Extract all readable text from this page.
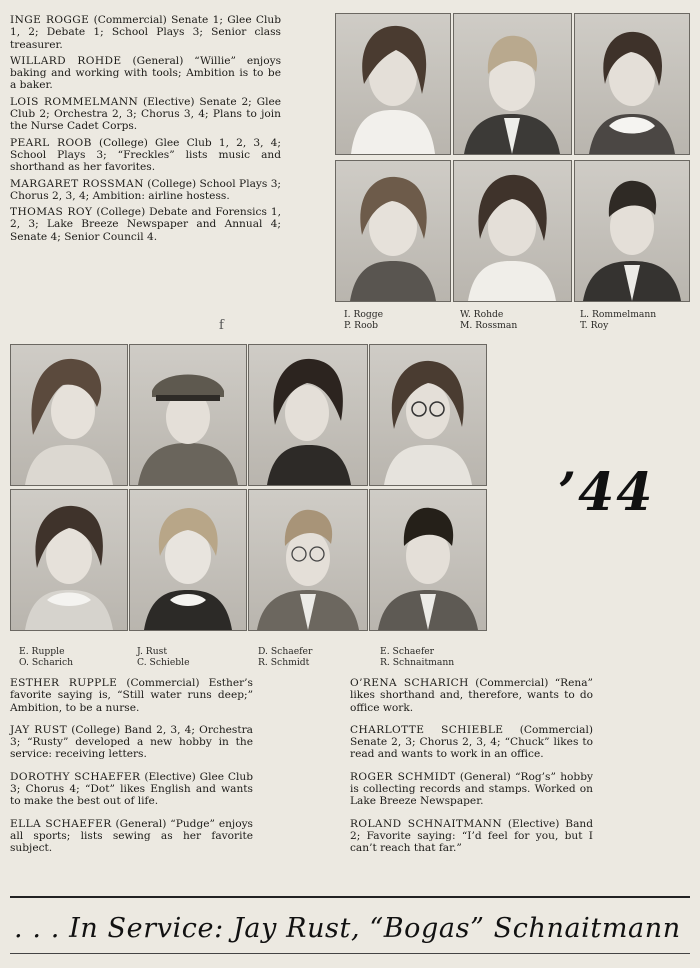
INGE ROGGE (Commercial) Senate 1; Glee Club 1, 2; Debate 1; School Plays 3; Senior class treasurer.

WILLARD ROHDE (General) “Willie” enjoys baking and working with tools; Ambition is to be a baker.

LOIS ROMMELMANN (Elective) Senate 2; Glee Club 2; Orchestra 2, 3; Chorus 3, 4; Plans to join the Nurse Cadet Corps.

PEARL ROOB (College) Glee Club 1, 2, 3, 4; School Plays 3; “Freckles” lists music and shorthand as her favorites.

MARGARET ROSSMAN (College) School Plays 3; Chorus 2, 3, 4; Ambition: airline hostess.

THOMAS ROY (College) Debate and Forensics 1, 2, 3; Lake Breeze Newspaper and Annual 4; Senate 4; Senior Council 4.

I. Rogge
P. Roob
W. Rohde
M. Rossman
L. Rommelmann
T. Roy
f
’44
E. Rupple
O. Scharich
J. Rust
C. Schieble
D. Schaefer
R. Schmidt
E. Schaefer
R. Schnaitmann

ESTHER RUPPLE (Commercial) Esther’s favorite saying is, “Still water runs deep;” Ambition, to be a nurse.

JAY RUST (College) Band 2, 3, 4; Orchestra 3; “Rusty” developed a new hobby in the service: receiving letters.

DOROTHY SCHAEFER (Elective) Glee Club 3; Chorus 4; “Dot” likes English and wants to make the best out of life.

ELLA SCHAEFER (General) “Pudge” enjoys all sports; lists sewing as her favorite subject.

O’RENA SCHARICH (Commercial) “Rena” likes shorthand and, therefore, wants to do office work.

CHARLOTTE SCHIEBLE (Commercial) Senate 2, 3; Chorus 2, 3, 4; “Chuck” likes to read and wants to work in an office.

ROGER SCHMIDT (General) “Rog’s” hobby is collecting records and stamps. Worked on Lake Breeze Newspaper.

ROLAND SCHNAITMANN (Elective) Band 2; Favorite saying: “I’d feel for you, but I can’t reach that far.”

. . . In Service: Jay Rust, “Bogas” Schnaitmann
